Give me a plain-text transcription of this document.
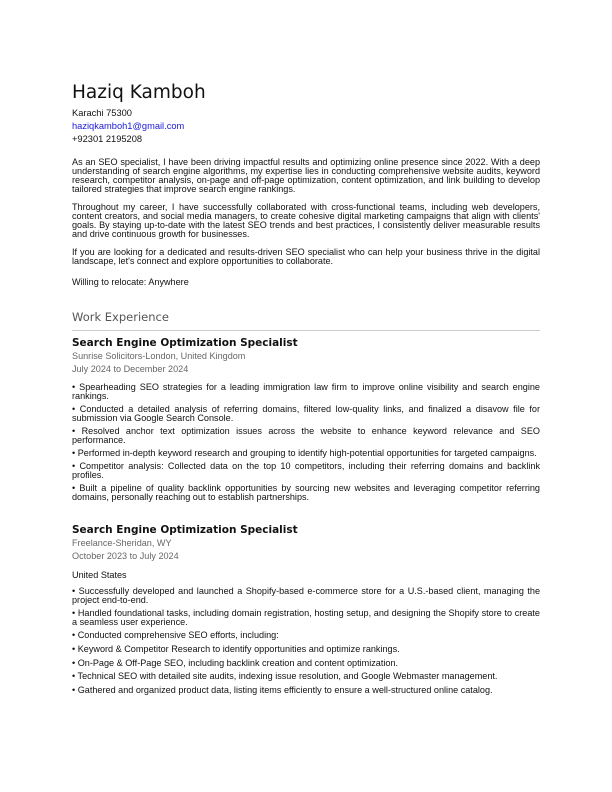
Haziq Kamboh
Karachi 75300
haziqkamboh1@gmail.com
+92301 2195208

As an SEO specialist, I have been driving impactful results and optimizing online presence since 2022. With a deep understanding of search engine algorithms, my expertise lies in conducting comprehensive website audits, keyword research, competitor analysis, on-page and off-page optimization, content optimization, and link building to develop tailored strategies that improve search engine rankings.

Throughout my career, I have successfully collaborated with cross-functional teams, including web developers, content creators, and social media managers, to create cohesive digital marketing campaigns that align with clients' goals. By staying up-to-date with the latest SEO trends and best practices, I consistently deliver measurable results and drive continuous growth for businesses.

If you are looking for a dedicated and results-driven SEO specialist who can help your business thrive in the digital landscape, let's connect and explore opportunities to collaborate.

Willing to relocate: Anywhere

Work Experience
Search Engine Optimization Specialist
Sunrise Solicitors-London, United Kingdom
July 2024 to December 2024
• Spearheading SEO strategies for a leading immigration law firm to improve online visibility and search engine rankings.
• Conducted a detailed analysis of referring domains, filtered low-quality links, and finalized a disavow file for submission via Google Search Console.
• Resolved anchor text optimization issues across the website to enhance keyword relevance and SEO performance.
• Performed in-depth keyword research and grouping to identify high-potential opportunities for targeted campaigns.
• Competitor analysis: Collected data on the top 10 competitors, including their referring domains and backlink profiles.
• Built a pipeline of quality backlink opportunities by sourcing new websites and leveraging competitor referring domains, personally reaching out to establish partnerships.
Search Engine Optimization Specialist
Freelance-Sheridan, WY
October 2023 to July 2024
United States
• Successfully developed and launched a Shopify-based e-commerce store for a U.S.-based client, managing the project end-to-end.
• Handled foundational tasks, including domain registration, hosting setup, and designing the Shopify store to create a seamless user experience.
• Conducted comprehensive SEO efforts, including:
• Keyword & Competitor Research to identify opportunities and optimize rankings.
• On-Page & Off-Page SEO, including backlink creation and content optimization.
• Technical SEO with detailed site audits, indexing issue resolution, and Google Webmaster management.
• Gathered and organized product data, listing items efficiently to ensure a well-structured online catalog.
